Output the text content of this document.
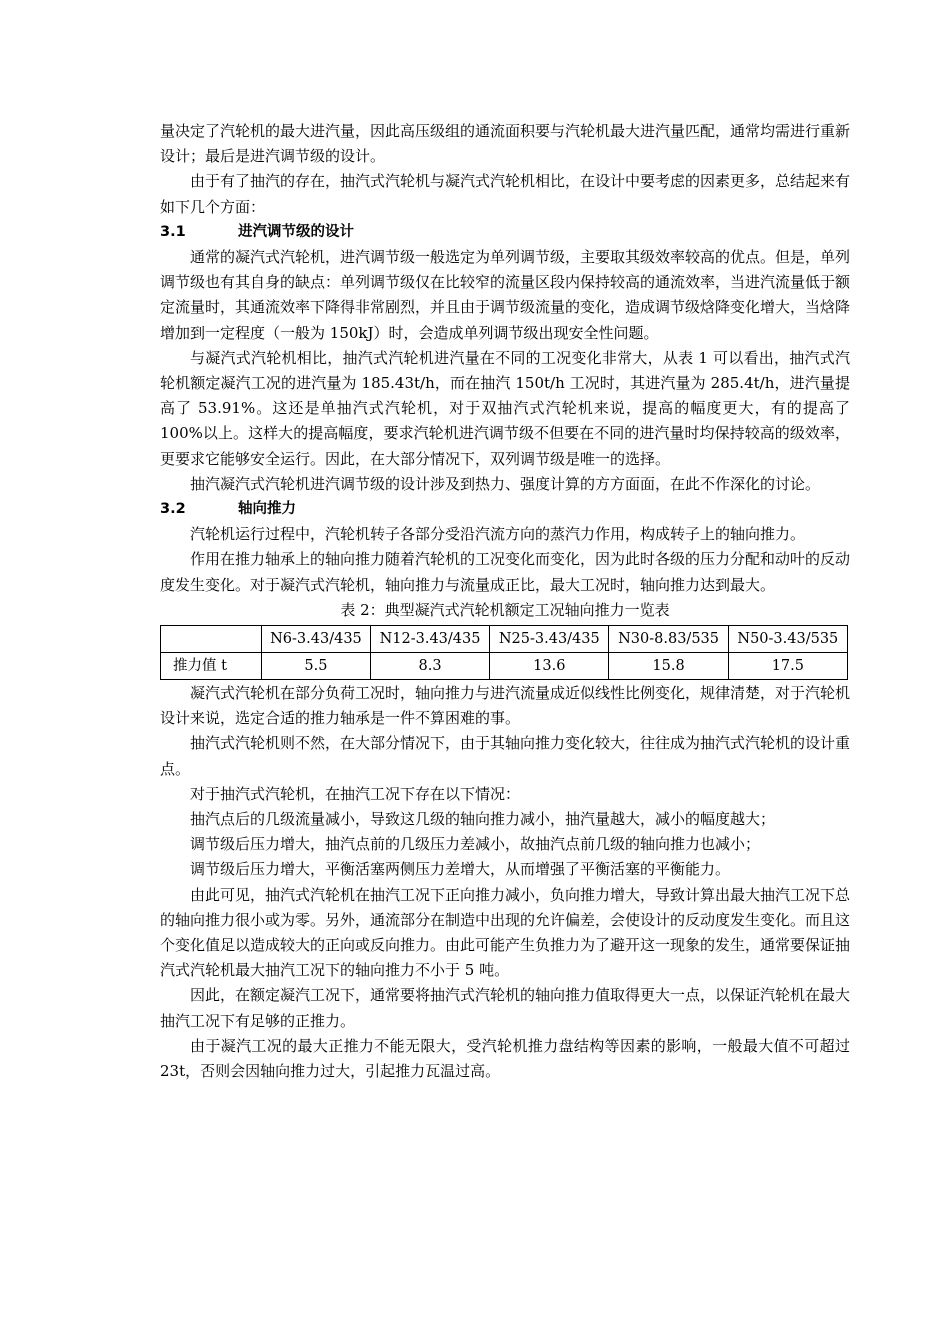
量决定了汽轮机的最大进汽量，因此高压级组的通流面积要与汽轮机最大进汽量匹配，通常均需进行重新设计；最后是进汽调节级的设计。

由于有了抽汽的存在，抽汽式汽轮机与凝汽式汽轮机相比，在设计中要考虑的因素更多，总结起来有如下几个方面：

3.1	进汽调节级的设计

通常的凝汽式汽轮机，进汽调节级一般选定为单列调节级，主要取其级效率较高的优点。但是，单列调节级也有其自身的缺点：单列调节级仅在比较窄的流量区段内保持较高的通流效率，当进汽流量低于额定流量时，其通流效率下降得非常剧烈，并且由于调节级流量的变化，造成调节级焓降变化增大，当焓降增加到一定程度（一般为 150kJ）时，会造成单列调节级出现安全性问题。

与凝汽式汽轮机相比，抽汽式汽轮机进汽量在不同的工况变化非常大，从表 1 可以看出，抽汽式汽轮机额定凝汽工况的进汽量为 185.43t/h，而在抽汽 150t/h 工况时，其进汽量为 285.4t/h，进汽量提高了 53.91%。这还是单抽汽式汽轮机，对于双抽汽式汽轮机来说，提高的幅度更大，有的提高了 100%以上。这样大的提高幅度，要求汽轮机进汽调节级不但要在不同的进汽量时均保持较高的级效率，更要求它能够安全运行。因此，在大部分情况下，双列调节级是唯一的选择。

抽汽凝汽式汽轮机进汽调节级的设计涉及到热力、强度计算的方方面面，在此不作深化的讨论。

3.2	轴向推力

汽轮机运行过程中，汽轮机转子各部分受沿汽流方向的蒸汽力作用，构成转子上的轴向推力。

作用在推力轴承上的轴向推力随着汽轮机的工况变化而变化，因为此时各级的压力分配和动叶的反动度发生变化。对于凝汽式汽轮机，轴向推力与流量成正比，最大工况时，轴向推力达到最大。

表 2：典型凝汽式汽轮机额定工况轴向推力一览表

	N6-3.43/435	N12-3.43/435	N25-3.43/435	N30-8.83/535	N50-3.43/535
推力值 t	5.5	8.3	13.6	15.8	17.5

凝汽式汽轮机在部分负荷工况时，轴向推力与进汽流量成近似线性比例变化，规律清楚，对于汽轮机设计来说，选定合适的推力轴承是一件不算困难的事。

抽汽式汽轮机则不然，在大部分情况下，由于其轴向推力变化较大，往往成为抽汽式汽轮机的设计重点。

对于抽汽式汽轮机，在抽汽工况下存在以下情况：

抽汽点后的几级流量减小，导致这几级的轴向推力减小，抽汽量越大，减小的幅度越大；

调节级后压力增大，抽汽点前的几级压力差减小，故抽汽点前几级的轴向推力也减小；

调节级后压力增大，平衡活塞两侧压力差增大，从而增强了平衡活塞的平衡能力。

由此可见，抽汽式汽轮机在抽汽工况下正向推力减小，负向推力增大，导致计算出最大抽汽工况下总的轴向推力很小或为零。另外，通流部分在制造中出现的允许偏差，会使设计的反动度发生变化。而且这个变化值足以造成较大的正向或反向推力。由此可能产生负推力为了避开这一现象的发生，通常要保证抽汽式汽轮机最大抽汽工况下的轴向推力不小于 5 吨。

因此，在额定凝汽工况下，通常要将抽汽式汽轮机的轴向推力值取得更大一点，以保证汽轮机在最大抽汽工况下有足够的正推力。

由于凝汽工况的最大正推力不能无限大，受汽轮机推力盘结构等因素的影响，一般最大值不可超过 23t，否则会因轴向推力过大，引起推力瓦温过高。
